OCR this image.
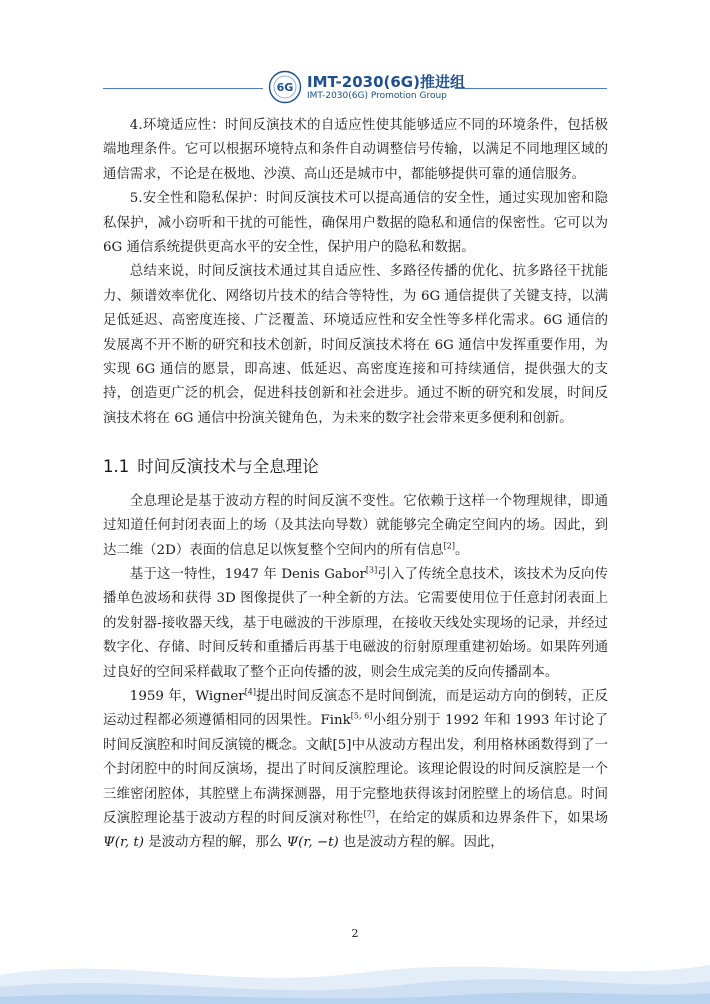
6G IMT-2030(6G)推进组
IMT-2030(6G) Promotion Group

4.环境适应性：时间反演技术的自适应性使其能够适应不同的环境条件，包括极端地理条件。它可以根据环境特点和条件自动调整信号传输，以满足不同地理区域的通信需求，不论是在极地、沙漠、高山还是城市中，都能够提供可靠的通信服务。

5.安全性和隐私保护：时间反演技术可以提高通信的安全性，通过实现加密和隐私保护，减小窃听和干扰的可能性，确保用户数据的隐私和通信的保密性。它可以为 6G 通信系统提供更高水平的安全性，保护用户的隐私和数据。

总结来说，时间反演技术通过其自适应性、多路径传播的优化、抗多路径干扰能力、频谱效率优化、网络切片技术的结合等特性，为 6G 通信提供了关键支持，以满足低延迟、高密度连接、广泛覆盖、环境适应性和安全性等多样化需求。6G 通信的发展离不开不断的研究和技术创新，时间反演技术将在 6G 通信中发挥重要作用，为实现 6G 通信的愿景，即高速、低延迟、高密度连接和可持续通信，提供强大的支持，创造更广泛的机会，促进科技创新和社会进步。通过不断的研究和发展，时间反演技术将在 6G 通信中扮演关键角色，为未来的数字社会带来更多便利和创新。

1.1 时间反演技术与全息理论

全息理论是基于波动方程的时间反演不变性。它依赖于这样一个物理规律，即通过知道任何封闭表面上的场（及其法向导数）就能够完全确定空间内的场。因此，到达二维（2D）表面的信息足以恢复整个空间内的所有信息[2]。

基于这一特性，1947 年 Denis Gabor[3]引入了传统全息技术，该技术为反向传播单色波场和获得 3D 图像提供了一种全新的方法。它需要使用位于任意封闭表面上的发射器-接收器天线，基于电磁波的干涉原理，在接收天线处实现场的记录，并经过数字化、存储、时间反转和重播后再基于电磁波的衍射原理重建初始场。如果阵列通过良好的空间采样截取了整个正向传播的波，则会生成完美的反向传播副本。

1959 年，Wigner[4]提出时间反演态不是时间倒流，而是运动方向的倒转，正反运动过程都必须遵循相同的因果性。Fink[5, 6]小组分别于 1992 年和 1993 年讨论了时间反演腔和时间反演镜的概念。文献[5]中从波动方程出发，利用格林函数得到了一个封闭腔中的时间反演场，提出了时间反演腔理论。该理论假设的时间反演腔是一个三维密闭腔体，其腔壁上布满探测器，用于完整地获得该封闭腔壁上的场信息。时间反演腔理论基于波动方程的时间反演对称性[7]，在给定的媒质和边界条件下，如果场 Ψ(r, t) 是波动方程的解，那么 Ψ(r, −t) 也是波动方程的解。因此，

2
